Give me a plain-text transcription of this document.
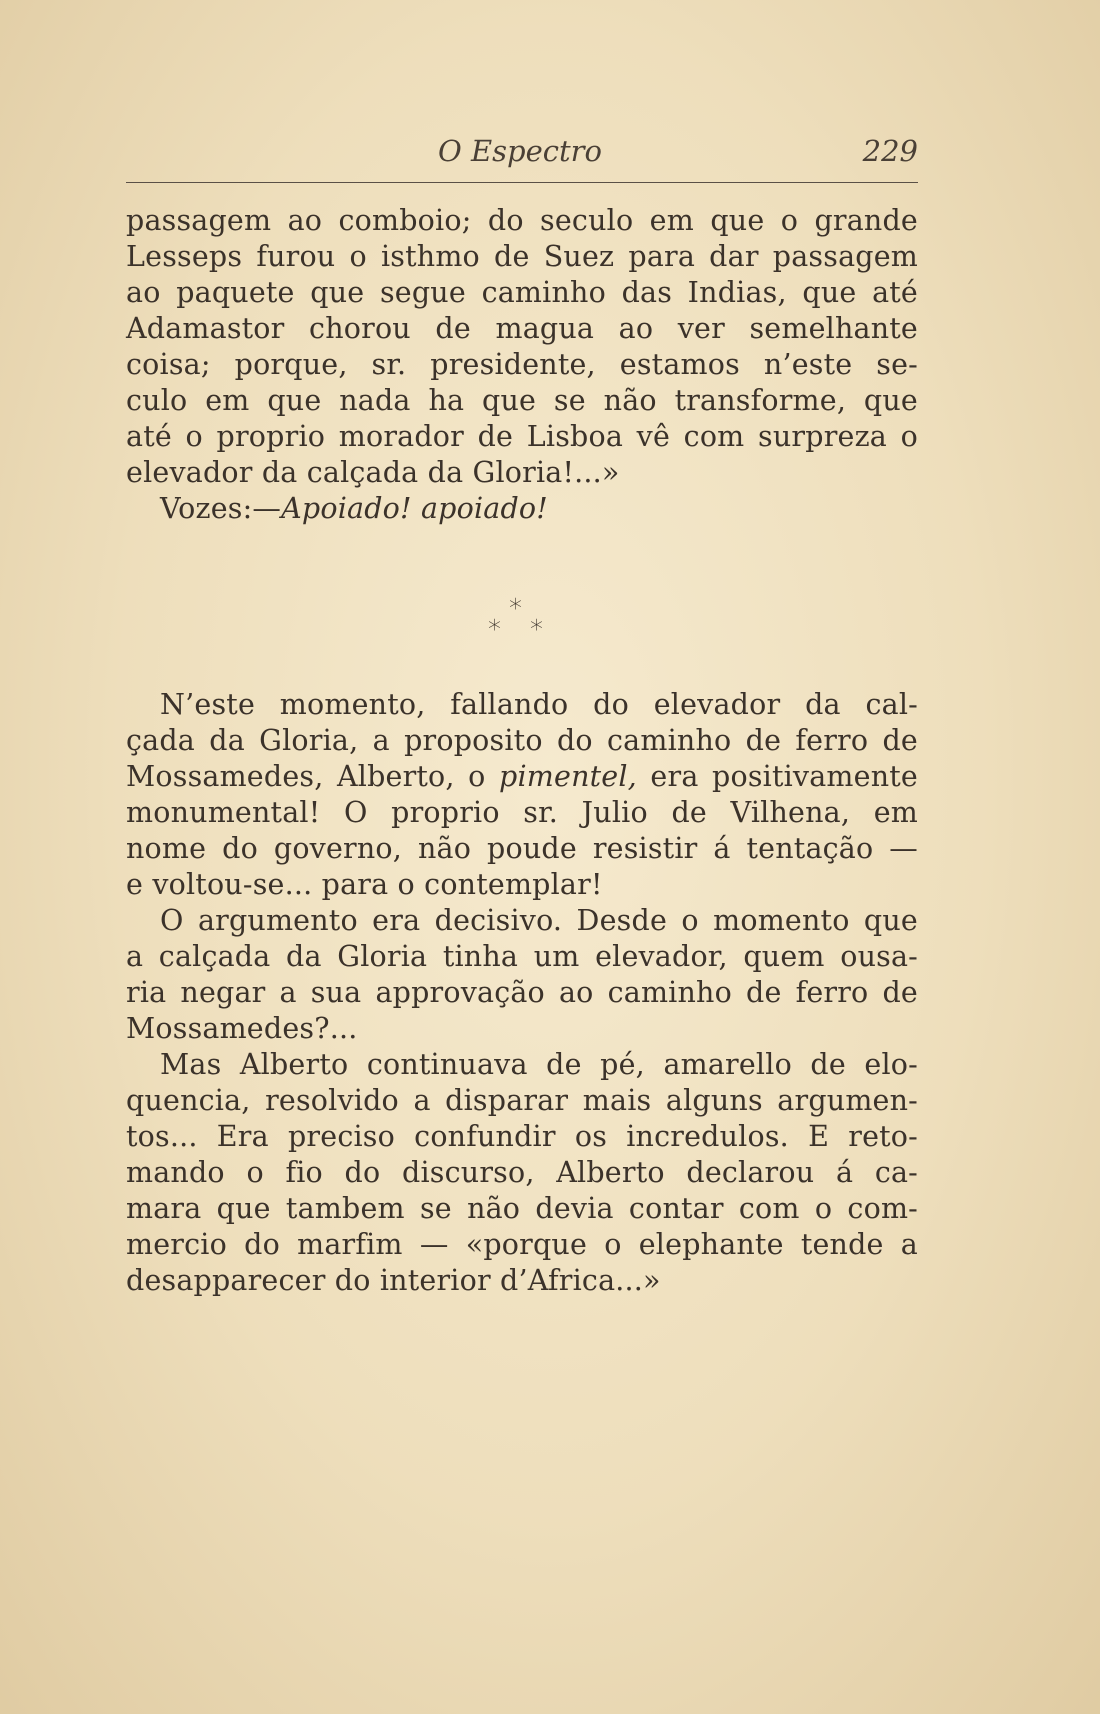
O Espectro	229
passagem ao comboio; do seculo em que o grande
Lesseps furou o isthmo de Suez para dar passagem
ao paquete que segue caminho das Indias, que até
Adamastor chorou de magua ao ver semelhante
coisa; porque, sr. presidente, estamos n’este se-
culo em que nada ha que se não transforme, que
até o proprio morador de Lisboa vê com surpreza o
elevador da calçada da Gloria!...»
Vozes:—Apoiado! apoiado!
*
* *
N’este momento, fallando do elevador da cal-
çada da Gloria, a proposito do caminho de ferro de
Mossamedes, Alberto, o pimentel, era positivamente
monumental! O proprio sr. Julio de Vilhena, em
nome do governo, não poude resistir á tentação —
e voltou-se... para o contemplar!
O argumento era decisivo. Desde o momento que
a calçada da Gloria tinha um elevador, quem ousa-
ria negar a sua approvação ao caminho de ferro de
Mossamedes?...
Mas Alberto continuava de pé, amarello de elo-
quencia, resolvido a disparar mais alguns argumen-
tos... Era preciso confundir os incredulos. E reto-
mando o fio do discurso, Alberto declarou á ca-
mara que tambem se não devia contar com o com-
mercio do marfim — «porque o elephante tende a
desapparecer do interior d’Africa...»
